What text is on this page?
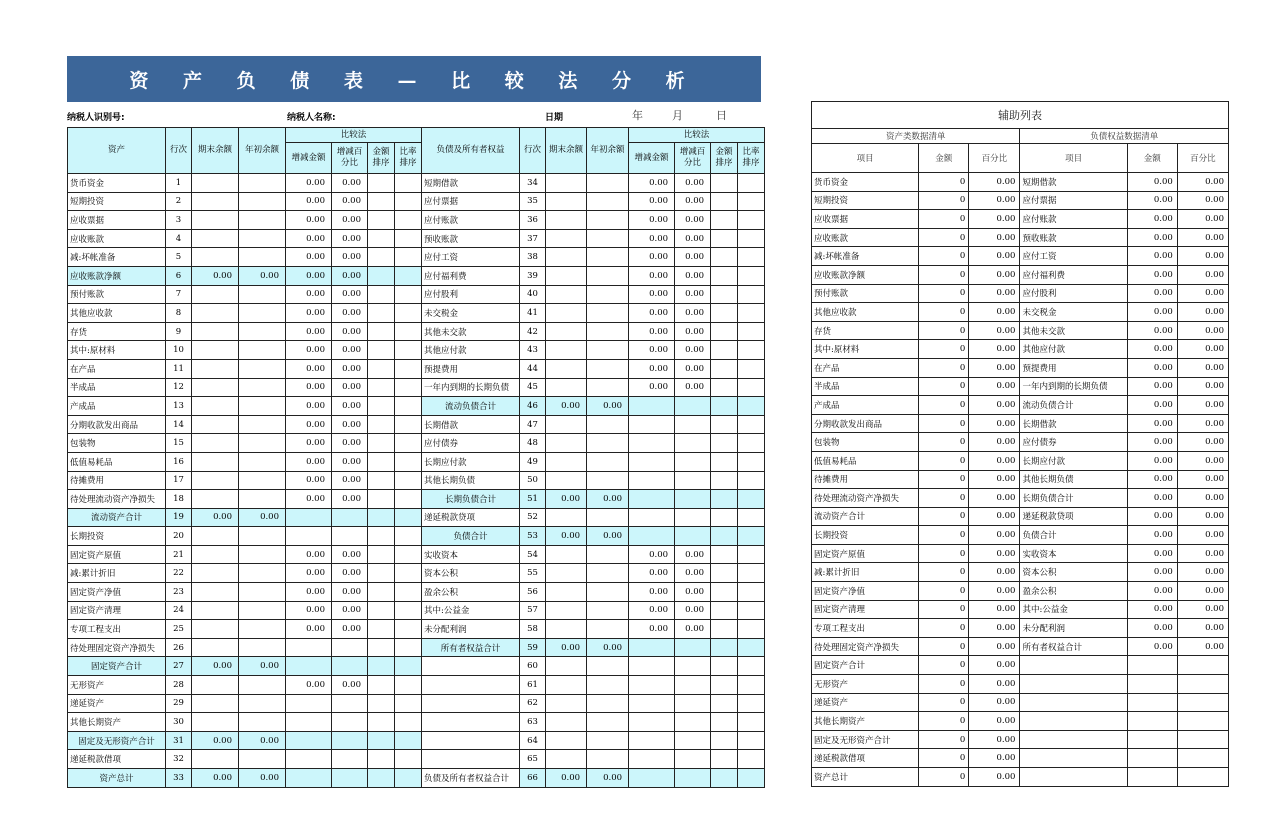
资 产 负 债 表 — 比 较 法 分 析
纳税人识别号:	纳税人名称:	日期	年	月	日
资产	行次	期末余额	年初余额	比较法				负债及所有者权益	行次	期末余额	年初余额	比较法			
				增减金额	增减百分比	金额排序	比率排序					增减金额	增减百分比	金额排序	比率排序
货币资金	1			0.00	0.00			短期借款	34			0.00	0.00		
短期投资	2			0.00	0.00			应付票据	35			0.00	0.00		
应收票据	3			0.00	0.00			应付账款	36			0.00	0.00		
应收账款	4			0.00	0.00			预收账款	37			0.00	0.00		
减:坏帐准备	5			0.00	0.00			应付工资	38			0.00	0.00		
应收账款净额	6	0.00	0.00	0.00	0.00			应付福利费	39			0.00	0.00		
预付账款	7			0.00	0.00			应付股利	40			0.00	0.00		
其他应收款	8			0.00	0.00			未交税金	41			0.00	0.00		
存货	9			0.00	0.00			其他未交款	42			0.00	0.00		
其中:原材料	10			0.00	0.00			其他应付款	43			0.00	0.00		
在产品	11			0.00	0.00			预提费用	44			0.00	0.00		
半成品	12			0.00	0.00			一年内到期的长期负债	45			0.00	0.00		
产成品	13			0.00	0.00			流动负债合计	46	0.00	0.00				
分期收款发出商品	14			0.00	0.00			长期借款	47						
包装物	15			0.00	0.00			应付债券	48						
低值易耗品	16			0.00	0.00			长期应付款	49						
待摊费用	17			0.00	0.00			其他长期负债	50						
待处理流动资产净损失	18			0.00	0.00			长期负债合计	51	0.00	0.00				
流动资产合计	19	0.00	0.00					递延税款贷项	52						
长期投资	20							负债合计	53	0.00	0.00				
固定资产原值	21			0.00	0.00			实收资本	54			0.00	0.00		
减:累计折旧	22			0.00	0.00			资本公积	55			0.00	0.00		
固定资产净值	23			0.00	0.00			盈余公积	56			0.00	0.00		
固定资产清理	24			0.00	0.00			其中:公益金	57			0.00	0.00		
专项工程支出	25			0.00	0.00			未分配利润	58			0.00	0.00		
待处理固定资产净损失	26							所有者权益合计	59	0.00	0.00				
固定资产合计	27	0.00	0.00						60						
无形资产	28			0.00	0.00				61						
递延资产	29								62						
其他长期资产	30								63						
固定及无形资产合计	31	0.00	0.00						64						
递延税款借项	32								65						
资产总计	33	0.00	0.00					负债及所有者权益合计	66	0.00	0.00				
辅助列表					
资产类数据清单			负债权益数据清单		
项目	金额	百分比	项目	金额	百分比
货币资金	0	0.00	短期借款	0.00	0.00
短期投资	0	0.00	应付票据	0.00	0.00
应收票据	0	0.00	应付账款	0.00	0.00
应收账款	0	0.00	预收账款	0.00	0.00
减:坏帐准备	0	0.00	应付工资	0.00	0.00
应收账款净额	0	0.00	应付福利费	0.00	0.00
预付账款	0	0.00	应付股利	0.00	0.00
其他应收款	0	0.00	未交税金	0.00	0.00
存货	0	0.00	其他未交款	0.00	0.00
其中:原材料	0	0.00	其他应付款	0.00	0.00
在产品	0	0.00	预提费用	0.00	0.00
半成品	0	0.00	一年内到期的长期负债	0.00	0.00
产成品	0	0.00	流动负债合计	0.00	0.00
分期收款发出商品	0	0.00	长期借款	0.00	0.00
包装物	0	0.00	应付债券	0.00	0.00
低值易耗品	0	0.00	长期应付款	0.00	0.00
待摊费用	0	0.00	其他长期负债	0.00	0.00
待处理流动资产净损失	0	0.00	长期负债合计	0.00	0.00
流动资产合计	0	0.00	递延税款贷项	0.00	0.00
长期投资	0	0.00	负债合计	0.00	0.00
固定资产原值	0	0.00	实收资本	0.00	0.00
减:累计折旧	0	0.00	资本公积	0.00	0.00
固定资产净值	0	0.00	盈余公积	0.00	0.00
固定资产清理	0	0.00	其中:公益金	0.00	0.00
专项工程支出	0	0.00	未分配利润	0.00	0.00
待处理固定资产净损失	0	0.00	所有者权益合计	0.00	0.00
固定资产合计	0	0.00			
无形资产	0	0.00			
递延资产	0	0.00			
其他长期资产	0	0.00			
固定及无形资产合计	0	0.00			
递延税款借项	0	0.00			
资产总计	0	0.00			
